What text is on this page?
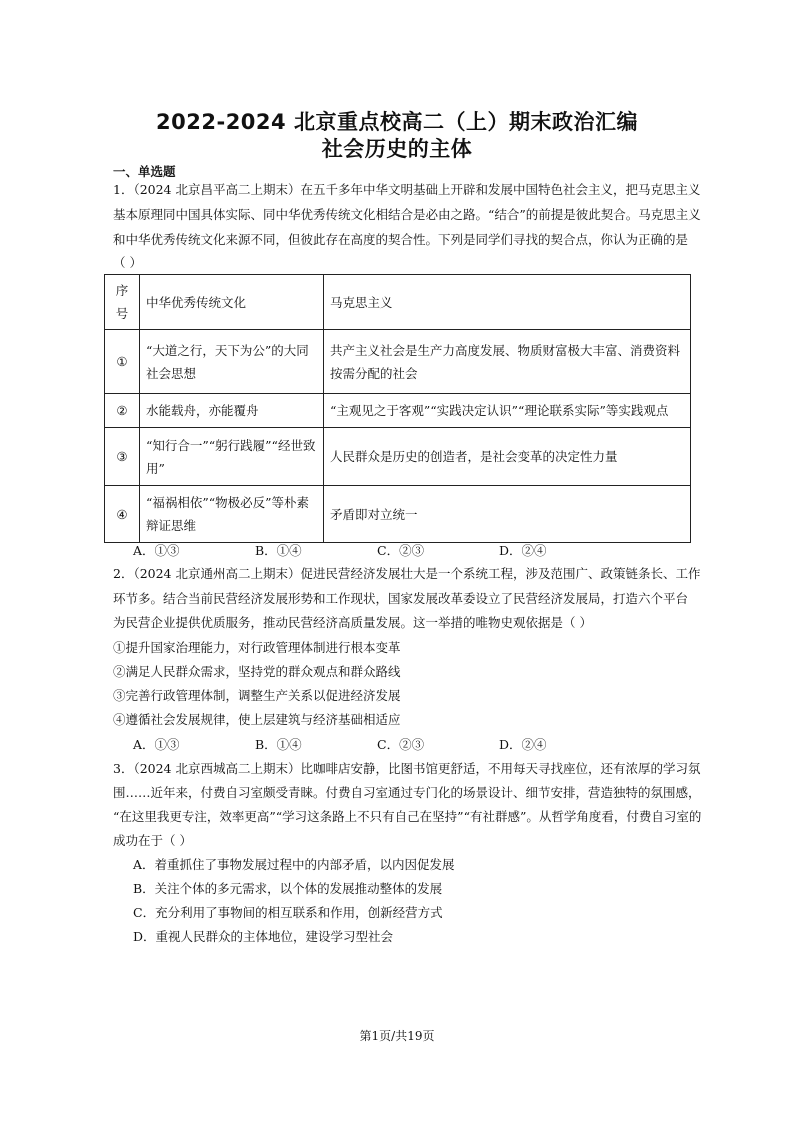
2022-2024 北京重点校高二（上）期末政治汇编
社会历史的主体
一、单选题
1．（2024 北京昌平高二上期末）在五千多年中华文明基础上开辟和发展中国特色社会主义，把马克思主义
基本原理同中国具体实际、同中华优秀传统文化相结合是必由之路。“结合”的前提是彼此契合。马克思主义
和中华优秀传统文化来源不同，但彼此存在高度的契合性。下列是同学们寻找的契合点，你认为正确的是
（ ）
序号	中华优秀传统文化	马克思主义
①	“大道之行，天下为公”的大同社会思想	共产主义社会是生产力高度发展、物质财富极大丰富、消费资料按需分配的社会
②	水能载舟，亦能覆舟	“主观见之于客观”“实践决定认识”“理论联系实际”等实践观点
③	“知行合一”“躬行践履”“经世致用”	人民群众是历史的创造者，是社会变革的决定性力量
④	“福祸相依”“物极必反”等朴素辩证思维	矛盾即对立统一
A．①③	B．①④	C．②③	D．②④
2．（2024 北京通州高二上期末）促进民营经济发展壮大是一个系统工程，涉及范围广、政策链条长、工作
环节多。结合当前民营经济发展形势和工作现状，国家发展改革委设立了民营经济发展局，打造六个平台
为民营企业提供优质服务，推动民营经济高质量发展。这一举措的唯物史观依据是（ ）
①提升国家治理能力，对行政管理体制进行根本变革
②满足人民群众需求，坚持党的群众观点和群众路线
③完善行政管理体制，调整生产关系以促进经济发展
④遵循社会发展规律，使上层建筑与经济基础相适应
A．①③	B．①④	C．②③	D．②④
3．（2024 北京西城高二上期末）比咖啡店安静，比图书馆更舒适，不用每天寻找座位，还有浓厚的学习氛
围……近年来，付费自习室颇受青睐。付费自习室通过专门化的场景设计、细节安排，营造独特的氛围感，
“在这里我更专注，效率更高”“学习这条路上不只有自己在坚持”“有社群感”。从哲学角度看，付费自习室的
成功在于（ ）
A．着重抓住了事物发展过程中的内部矛盾，以内因促发展
B．关注个体的多元需求，以个体的发展推动整体的发展
C．充分利用了事物间的相互联系和作用，创新经营方式
D．重视人民群众的主体地位，建设学习型社会
第1页/共19页
